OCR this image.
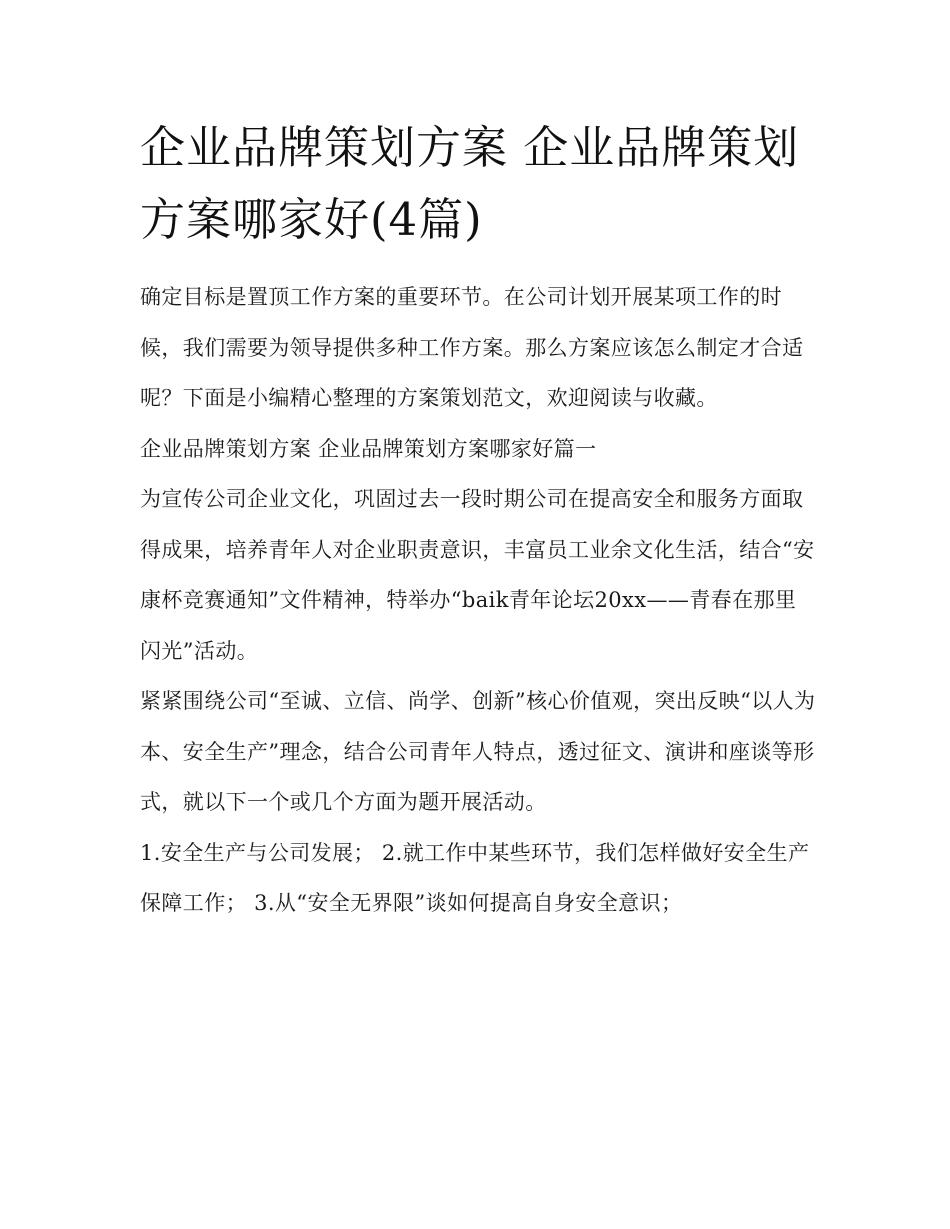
企业品牌策划方案 企业品牌策划方案哪家好(4篇)

确定目标是置顶工作方案的重要环节。在公司计划开展某项工作的时候，我们需要为领导提供多种工作方案。那么方案应该怎么制定才合适呢？下面是小编精心整理的方案策划范文，欢迎阅读与收藏。

企业品牌策划方案 企业品牌策划方案哪家好篇一

为宣传公司企业文化，巩固过去一段时期公司在提高安全和服务方面取得成果，培养青年人对企业职责意识，丰富员工业余文化生活，结合“安康杯竞赛通知”文件精神，特举办“baik青年论坛20xx——青春在那里闪光”活动。

紧紧围绕公司“至诚、立信、尚学、创新”核心价值观，突出反映“以人为本、安全生产”理念，结合公司青年人特点，透过征文、演讲和座谈等形式，就以下一个或几个方面为题开展活动。

1.安全生产与公司发展； 2.就工作中某些环节，我们怎样做好安全生产保障工作； 3.从“安全无界限”谈如何提高自身安全意识；
